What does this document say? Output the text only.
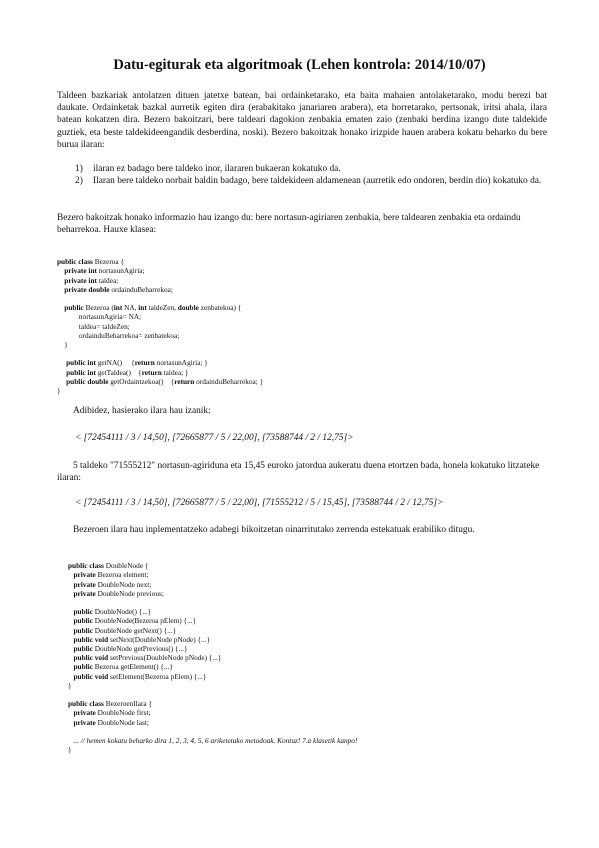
Datu-egiturak eta algoritmoak (Lehen kontrola: 2014/10/07)
Taldeen bazkariak antolatzen dituen jatetxe batean, bai ordainketarako, eta baita mahaien antolaketarako, modu berezi bat daukate. Ordainketak bazkal aurretik egiten dira (erabakitako janariaren arabera), eta horretarako, pertsonak, iritsi ahala, ilara batean kokatzen dira. Bezero bakoitzari, bere taldeari dagokion zenbakia ematen zaio (zenbaki berdina izango dute taldekide guztiek, eta beste taldekideengandik desberdina, noski). Bezero bakoitzak honako irizpide hauen arabera kokatu beharko du bere burua ilaran:
1)	ilaran ez badago bere taldeko inor, ilararen bukaeran kokatuko da.
2)	Ilaran bere taldeko norbait baldin badago, bere taldekideen aldamenean (aurretik edo ondoren, berdin dio) kokatuko da.
Bezero bakoitzak honako informazio hau izango du: bere nortasun-agiriaren zenbakia, bere taldearen zenbakia eta ordaindu beharrekoa. Hauxe klasea:

public class Bezeroa {
private int nortasunAgiria;
private int taldea;
private double ordainduBeharrekoa;

public Bezeroa (int NA, int taldeZen, double zenbatekoa) {
nortasunAgiria= NA;
taldea= taldeZen;
ordainduBeharrekoa= zenbatekoa;
}

public int getNA()     {return nortasunAgiria; }
public int getTaldea()    {return taldea; }
public double getOrdaintzekoa()    {return ordainduBeharrekoa; }
}
Adibidez, hasierako ilara hau izanik:
< [72454111 / 3 / 14,50], [72665877 / 5 / 22,00], [73588744 / 2 / 12,75]>
5 taldeko "71555212" nortasun-agiriduna eta 15,45 euroko jatordua aukeratu duena etortzen bada, honela kokatuko litzateke ilaran:
< [72454111 / 3 / 14,50], [72665877 / 5 / 22,00], [71555212 / 5 / 15,45], [73588744 / 2 / 12,75]>
Bezeroen ilara hau inplementatzeko adabegi bikoitzetan oinarritutako zerrenda estekatuak erabiliko ditugu.

public class DoubleNode {
private Bezeroa element;
private DoubleNode next;
private DoubleNode previous;

public DoubleNode() {...}
public DoubleNode(Bezeroa pElem) {...}
public DoubleNode getNext() {...}
public void setNext(DoubleNode pNode) {...}
public DoubleNode getPrevious() {...}
public void setPrevious(DoubleNode pNode) {...}
public Bezeroa getElement() {...}
public void setElement(Bezeroa pElem) {...}
}

public class BezeroenIlara {
private DoubleNode first;
private DoubleNode last;

... // hemen kokatu beharko dira 1, 2, 3, 4, 5, 6 ariketetako metodoak. Kontuz! 7.a klasetik kanpo!
}
